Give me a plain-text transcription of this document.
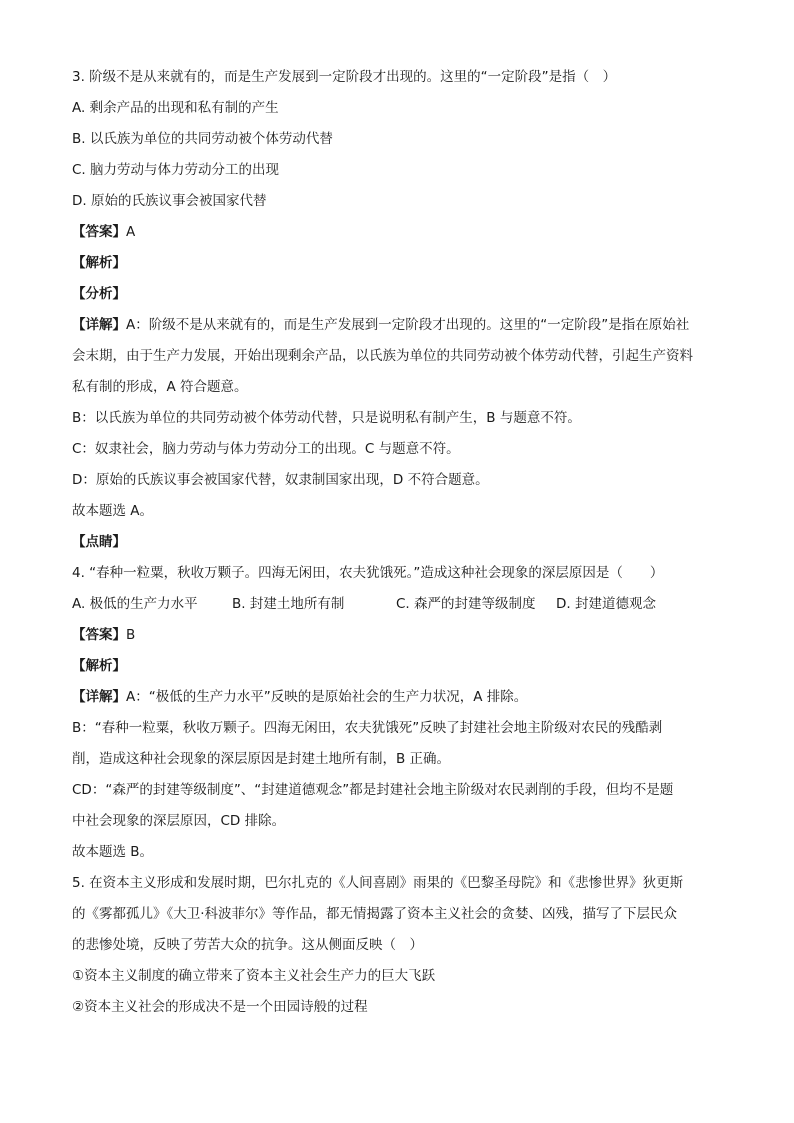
3. 阶级不是从来就有的，而是生产发展到一定阶段才出现的。这里的“一定阶段”是指（　）
A. 剩余产品的出现和私有制的产生
B. 以氏族为单位的共同劳动被个体劳动代替
C. 脑力劳动与体力劳动分工的出现
D. 原始的氏族议事会被国家代替
【答案】A
【解析】
【分析】
【详解】A：阶级不是从来就有的，而是生产发展到一定阶段才出现的。这里的“一定阶段”是指在原始社
会末期，由于生产力发展，开始出现剩余产品，以氏族为单位的共同劳动被个体劳动代替，引起生产资料
私有制的形成，A 符合题意。
B：以氏族为单位的共同劳动被个体劳动代替，只是说明私有制产生，B 与题意不符。
C：奴隶社会，脑力劳动与体力劳动分工的出现。C 与题意不符。
D：原始的氏族议事会被国家代替，奴隶制国家出现，D 不符合题意。
故本题选 A。
【点睛】
4. “春种一粒粟，秋收万颗子。四海无闲田，农夫犹饿死。”造成这种社会现象的深层原因是（　　）
A. 极低的生产力水平	B. 封建土地所有制	C. 森严的封建等级制度	D. 封建道德观念
【答案】B
【解析】
【详解】A：“极低的生产力水平”反映的是原始社会的生产力状况，A 排除。
B：“春种一粒粟，秋收万颗子。四海无闲田，农夫犹饿死”反映了封建社会地主阶级对农民的残酷剥
削，造成这种社会现象的深层原因是封建土地所有制，B 正确。
CD：“森严的封建等级制度”、“封建道德观念”都是封建社会地主阶级对农民剥削的手段，但均不是题
中社会现象的深层原因，CD 排除。
故本题选 B。
5. 在资本主义形成和发展时期，巴尔扎克的《人间喜剧》雨果的《巴黎圣母院》和《悲惨世界》狄更斯
的《雾都孤儿》《大卫·科波菲尔》等作品，都无情揭露了资本主义社会的贪婪、凶残，描写了下层民众
的悲惨处境，反映了劳苦大众的抗争。这从侧面反映（　）
①资本主义制度的确立带来了资本主义社会生产力的巨大飞跃
②资本主义社会的形成决不是一个田园诗般的过程
